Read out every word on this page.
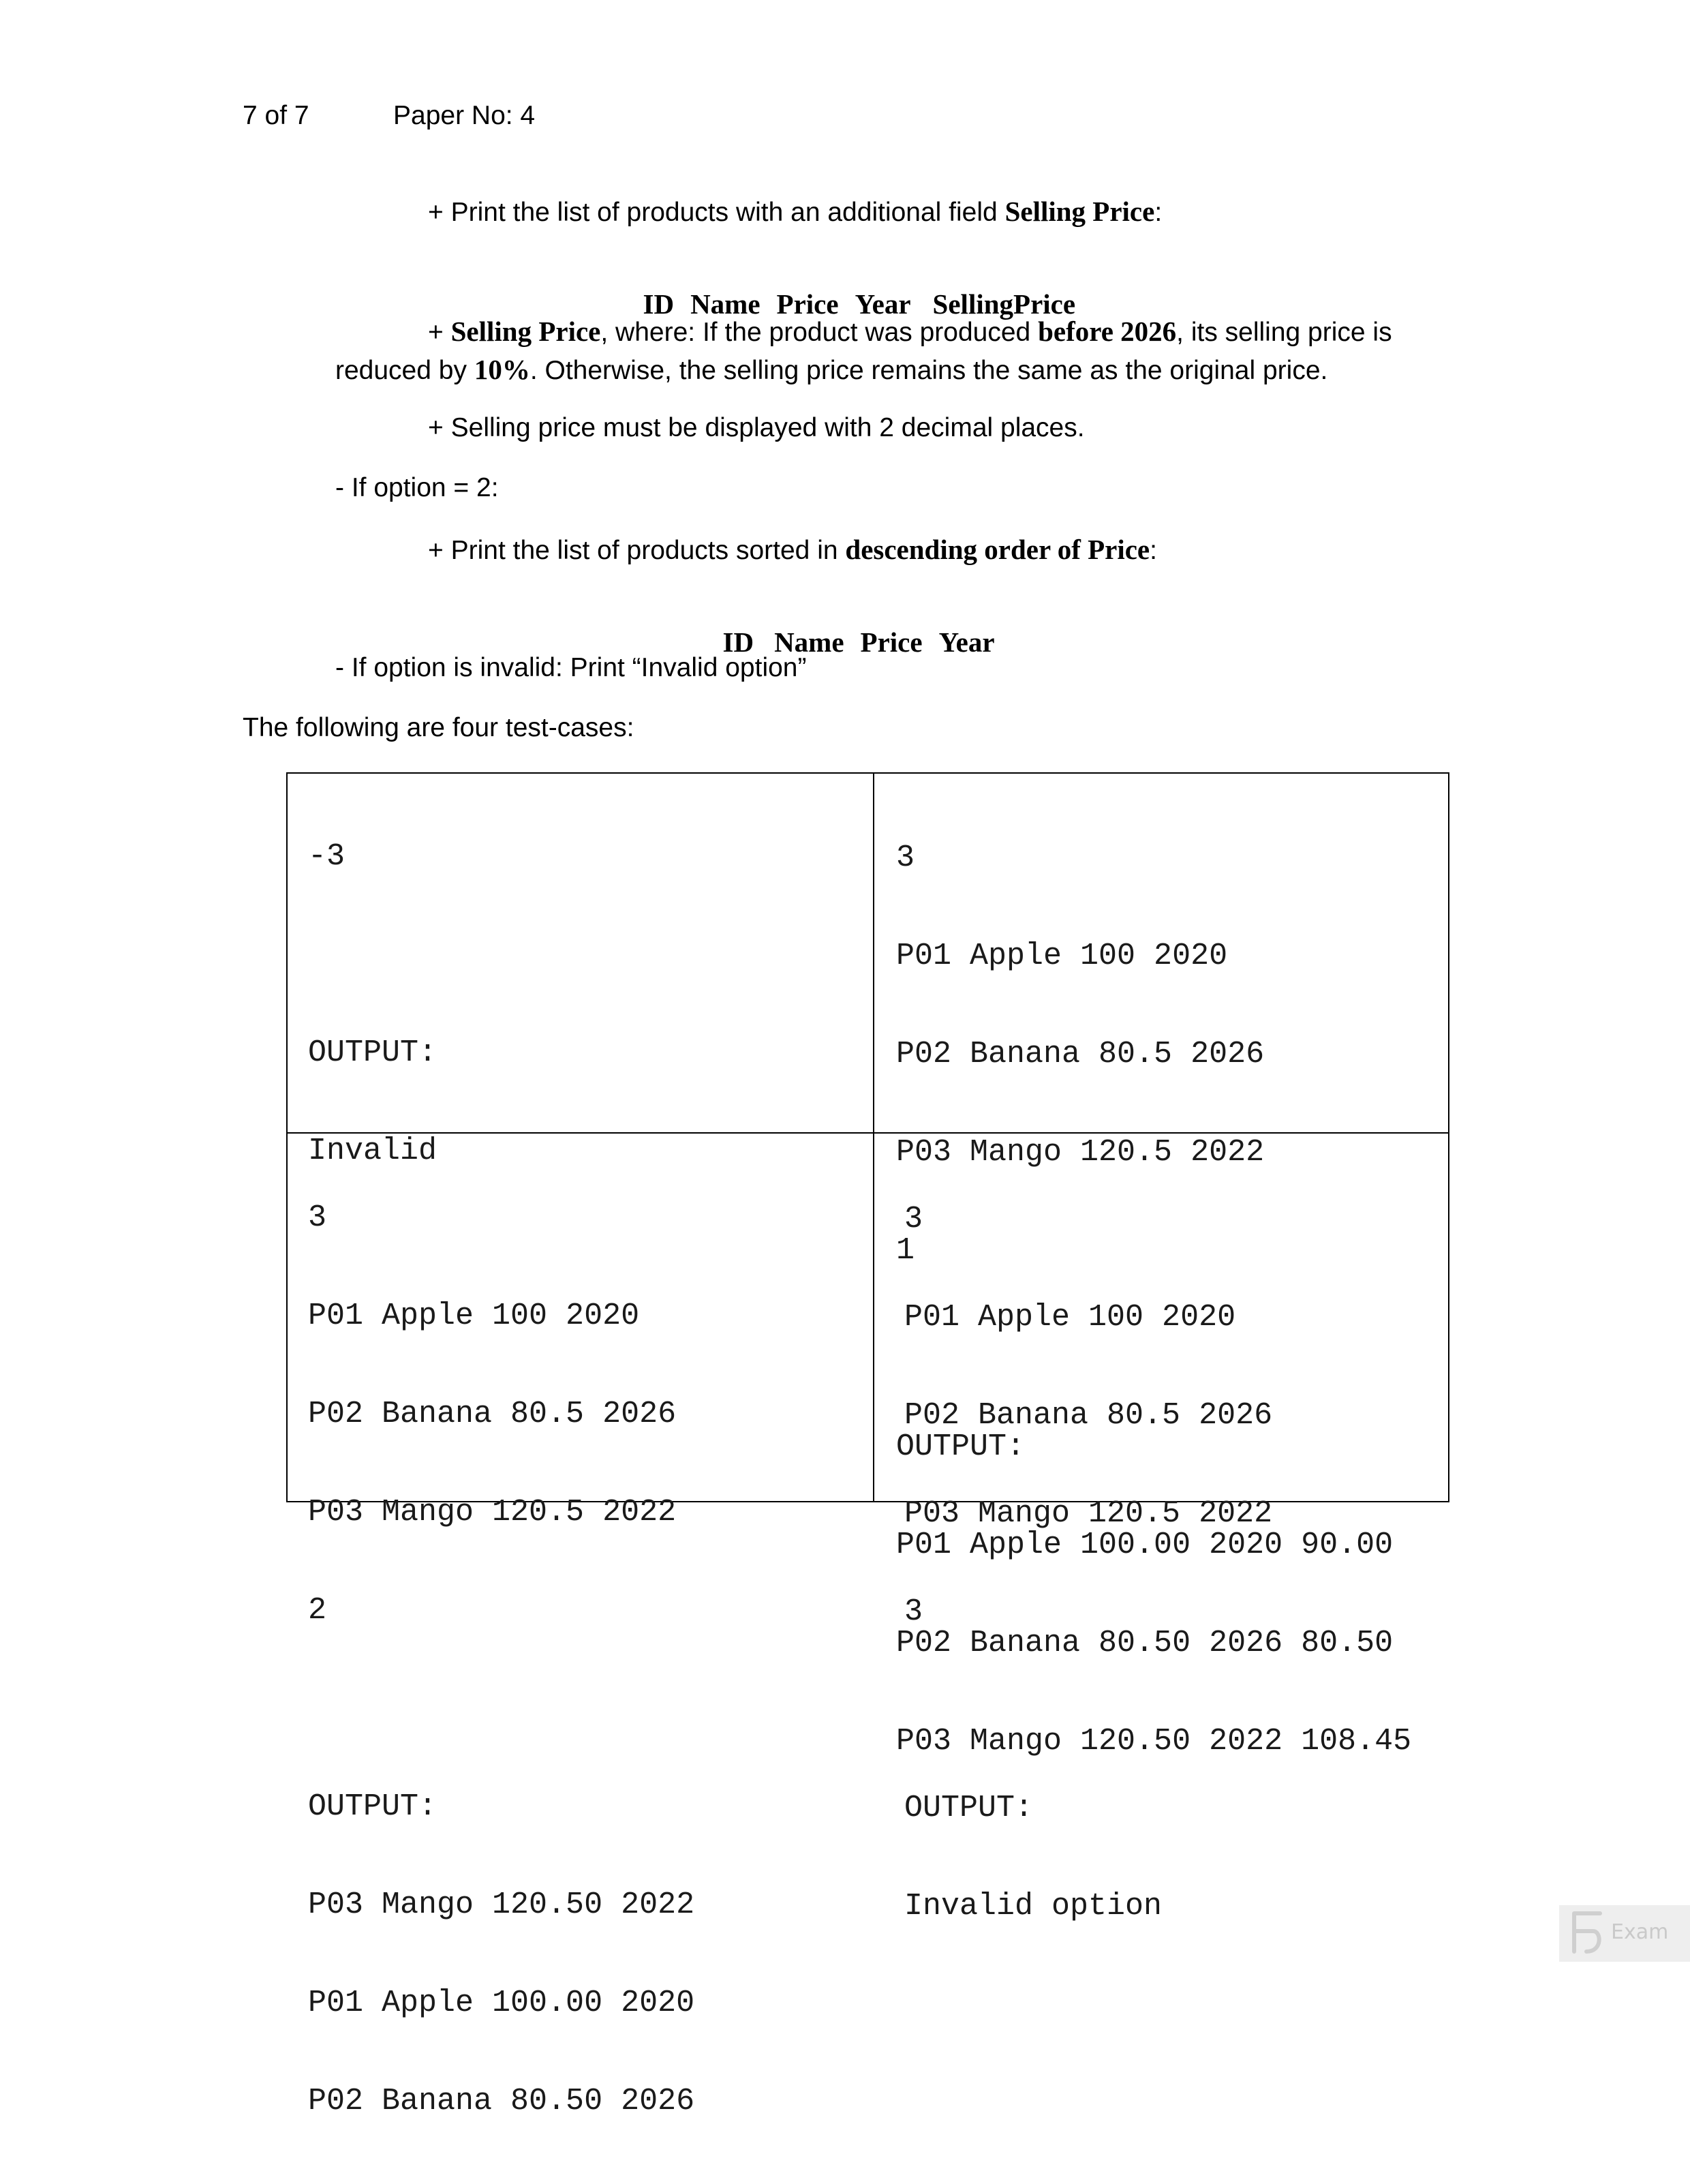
7 of 7	Paper No: 4
+ Print the list of products with an additional field Selling Price:

ID Name Price Year SellingPrice

+ Selling Price, where: If the product was produced before 2026, its selling price is
reduced by 10%. Otherwise, the selling price remains the same as the original price.
+ Selling price must be displayed with 2 decimal places.
- If option = 2:
+ Print the list of products sorted in descending order of Price:

ID Name Price Year

- If option is invalid: Print “Invalid option”
The following are four test-cases:

-3

OUTPUT:

Invalid

3

P01 Apple 100 2020

P02 Banana 80.5 2026

P03 Mango 120.5 2022

1

OUTPUT:

P01 Apple 100.00 2020 90.00

P02 Banana 80.50 2026 80.50

P03 Mango 120.50 2022 108.45

3

P01 Apple 100 2020

P02 Banana 80.5 2026

P03 Mango 120.5 2022

2

OUTPUT:

P03 Mango 120.50 2022

P01 Apple 100.00 2020

P02 Banana 80.50 2026

3

P01 Apple 100 2020

P02 Banana 80.5 2026

P03 Mango 120.5 2022

3

OUTPUT:

Invalid option

Exam
